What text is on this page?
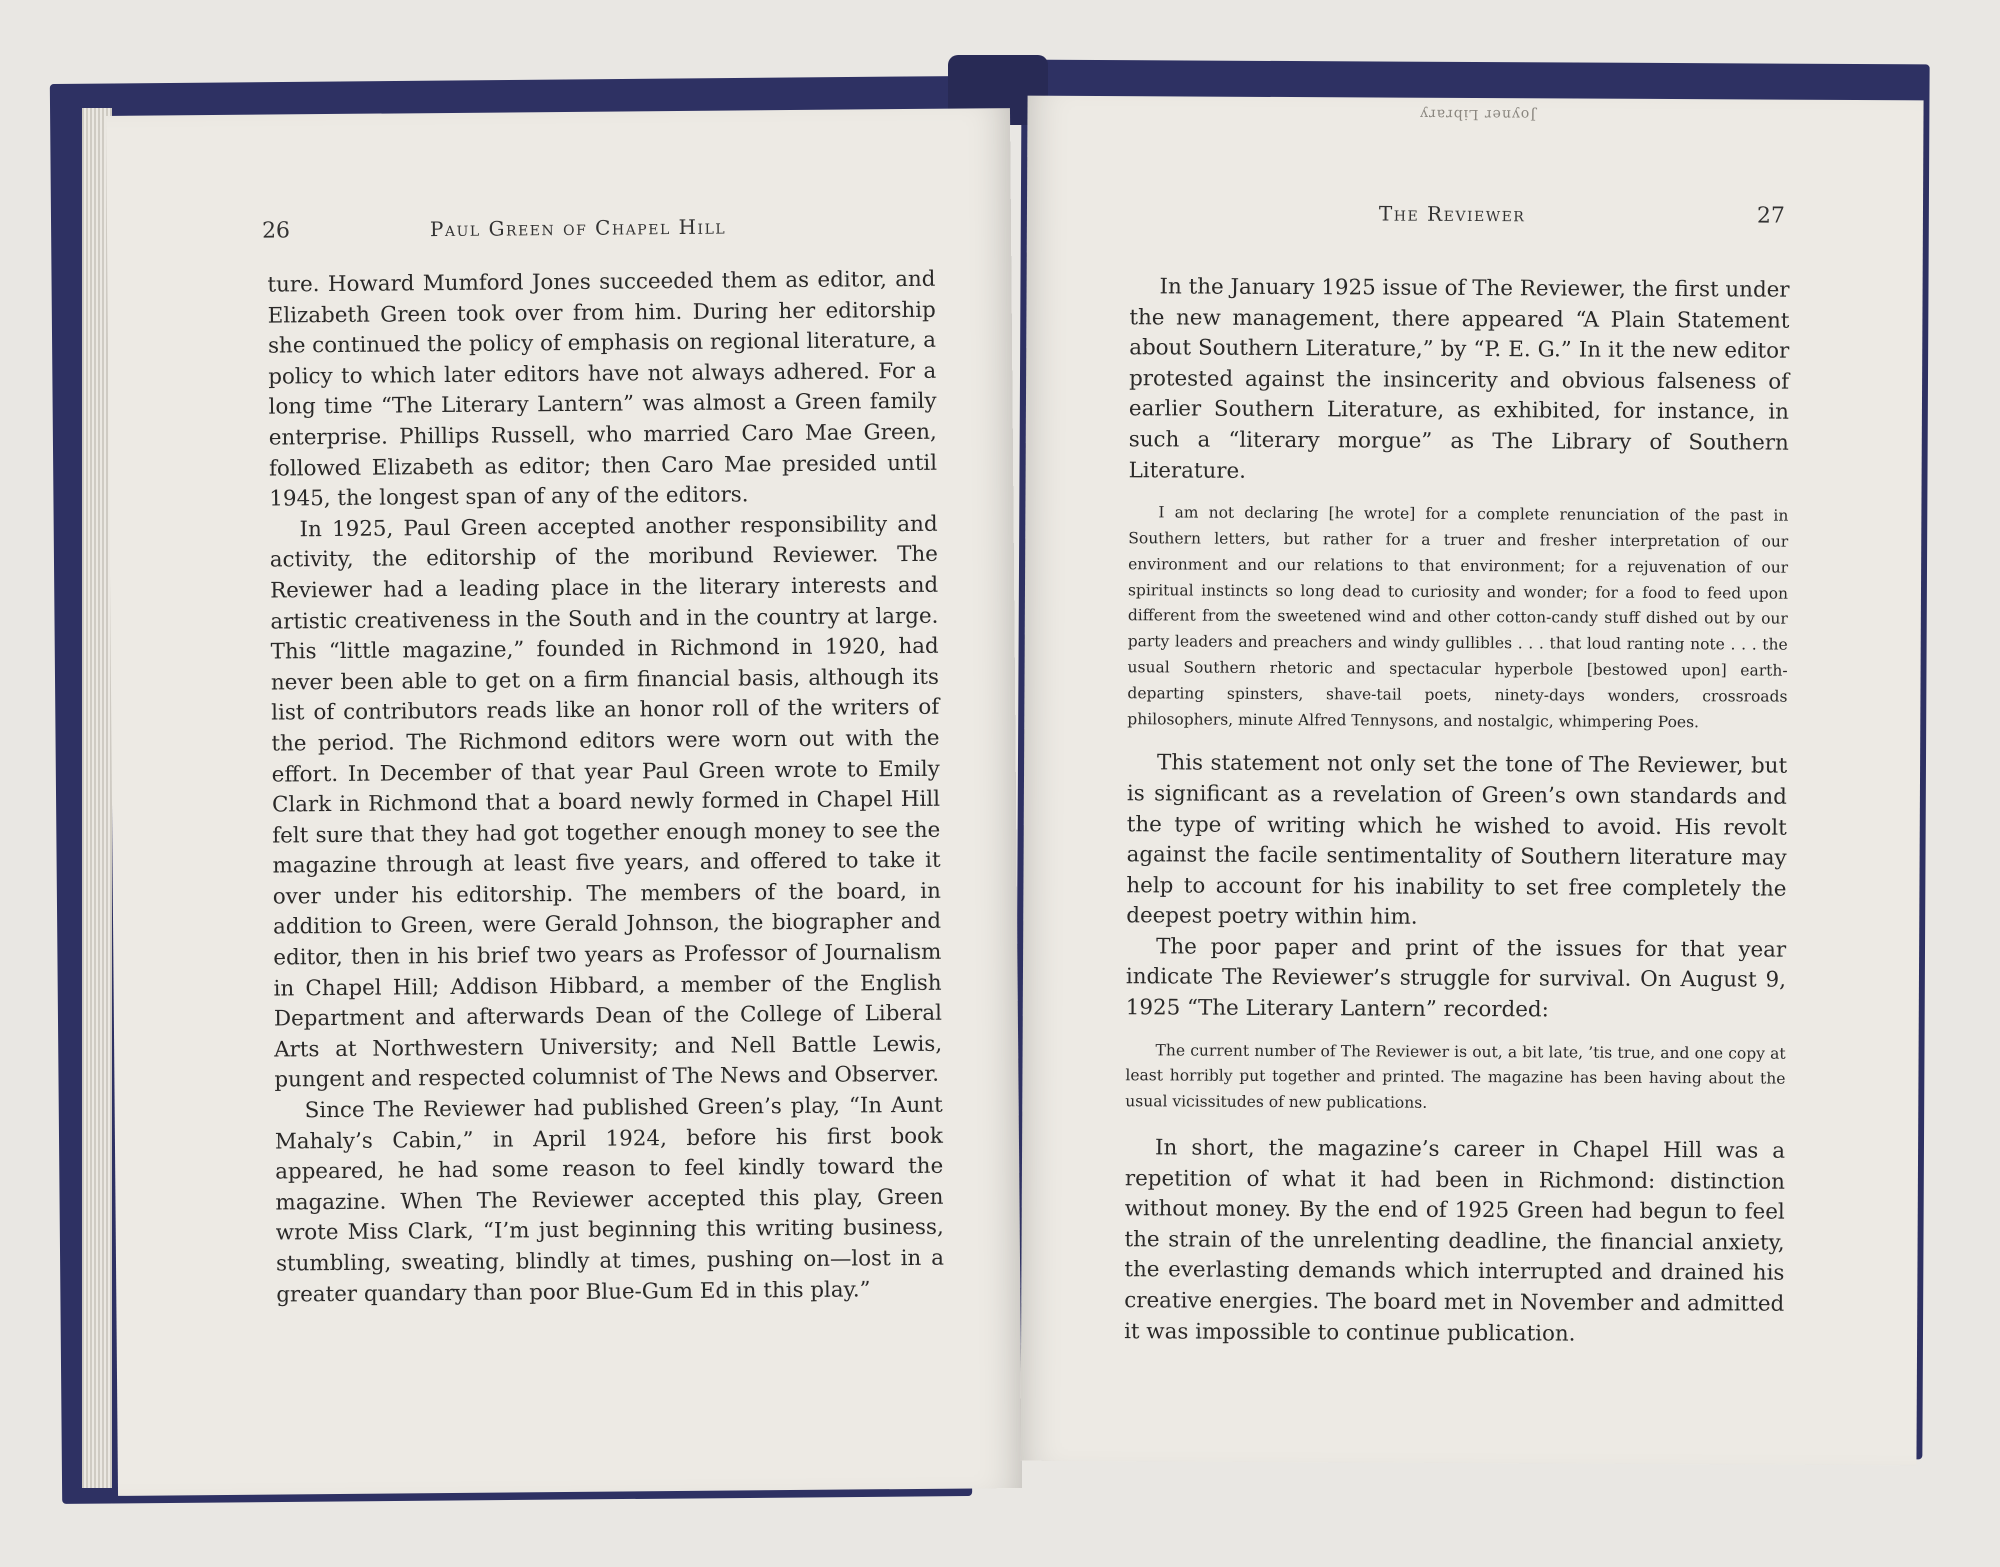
26	Paul Green of Chapel Hill

ture. Howard Mumford Jones succeeded them as editor, and Elizabeth Green took over from him. During her editorship she continued the policy of emphasis on regional literature, a policy to which later editors have not always adhered. For a long time “The Literary Lantern” was almost a Green family enterprise. Phillips Russell, who married Caro Mae Green, followed Elizabeth as editor; then Caro Mae presided until 1945, the longest span of any of the editors.

In 1925, Paul Green accepted another responsibility and activity, the editorship of the moribund Reviewer. The Reviewer had a leading place in the literary interests and artistic creativeness in the South and in the country at large. This “little magazine,” founded in Richmond in 1920, had never been able to get on a firm financial basis, although its list of contributors reads like an honor roll of the writers of the period. The Richmond editors were worn out with the effort. In December of that year Paul Green wrote to Emily Clark in Richmond that a board newly formed in Chapel Hill felt sure that they had got together enough money to see the magazine through at least five years, and offered to take it over under his editorship. The members of the board, in addition to Green, were Gerald Johnson, the biographer and editor, then in his brief two years as Professor of Journalism in Chapel Hill; Addison Hibbard, a member of the English Department and afterwards Dean of the College of Liberal Arts at Northwestern University; and Nell Battle Lewis, pungent and respected columnist of The News and Observer.

Since The Reviewer had published Green’s play, “In Aunt Mahaly’s Cabin,” in April 1924, before his first book appeared, he had some reason to feel kindly toward the magazine. When The Reviewer accepted this play, Green wrote Miss Clark, “I’m just beginning this writing business, stumbling, sweating, blindly at times, pushing on—lost in a greater quandary than poor Blue-Gum Ed in this play.”

Joyner Library
The Reviewer	27

In the January 1925 issue of The Reviewer, the first under the new management, there appeared “A Plain Statement about Southern Literature,” by “P. E. G.” In it the new editor protested against the insincerity and obvious falseness of earlier Southern Literature, as exhibited, for instance, in such a “literary morgue” as The Library of Southern Literature.

I am not declaring [he wrote] for a complete renunciation of the past in Southern letters, but rather for a truer and fresher interpretation of our environment and our relations to that environment; for a rejuvenation of our spiritual instincts so long dead to curiosity and wonder; for a food to feed upon different from the sweetened wind and other cotton-candy stuff dished out by our party leaders and preachers and windy gullibles . . . that loud ranting note . . . the usual Southern rhetoric and spectacular hyperbole [bestowed upon] earth-departing spinsters, shave-tail poets, ninety-days wonders, crossroads philosophers, minute Alfred Tennysons, and nostalgic, whimpering Poes.

This statement not only set the tone of The Reviewer, but is significant as a revelation of Green’s own standards and the type of writing which he wished to avoid. His revolt against the facile sentimentality of Southern literature may help to account for his inability to set free completely the deepest poetry within him.

The poor paper and print of the issues for that year indicate The Reviewer’s struggle for survival. On August 9, 1925 “The Literary Lantern” recorded:

The current number of The Reviewer is out, a bit late, ’tis true, and one copy at least horribly put together and printed. The magazine has been having about the usual vicissitudes of new publications.

In short, the magazine’s career in Chapel Hill was a repetition of what it had been in Richmond: distinction without money. By the end of 1925 Green had begun to feel the strain of the unrelenting deadline, the financial anxiety, the everlasting demands which interrupted and drained his creative energies. The board met in November and admitted it was impossible to continue publication.
